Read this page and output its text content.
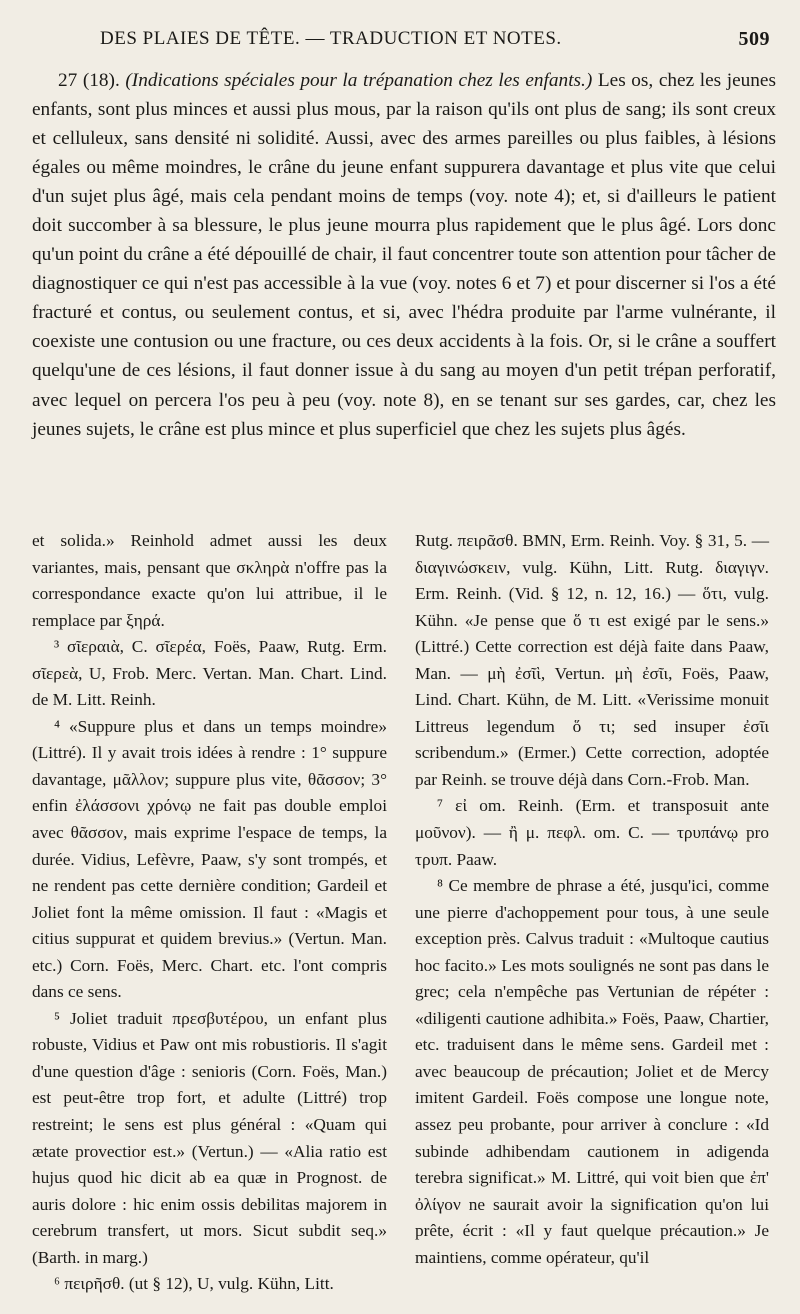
DES PLAIES DE TÊTE. — TRADUCTION ET NOTES.	509
27 (18). (Indications spéciales pour la trépanation chez les enfants.) Les os, chez les jeunes enfants, sont plus minces et aussi plus mous, par la raison qu'ils ont plus de sang; ils sont creux et celluleux, sans densité ni solidité. Aussi, avec des armes pareilles ou plus faibles, à lésions égales ou même moindres, le crâne du jeune enfant suppurera davantage et plus vite que celui d'un sujet plus âgé, mais cela pendant moins de temps (voy. note 4); et, si d'ailleurs le patient doit succomber à sa blessure, le plus jeune mourra plus rapidement que le plus âgé. Lors donc qu'un point du crâne a été dépouillé de chair, il faut concentrer toute son attention pour tâcher de diagnostiquer ce qui n'est pas accessible à la vue (voy. notes 6 et 7) et pour discerner si l'os a été fracturé et contus, ou seulement contus, et si, avec l'hédra produite par l'arme vulnérante, il coexiste une contusion ou une fracture, ou ces deux accidents à la fois. Or, si le crâne a souffert quelqu'une de ces lésions, il faut donner issue à du sang au moyen d'un petit trépan perforatif, avec lequel on percera l'os peu à peu (voy. note 8), en se tenant sur ses gardes, car, chez les jeunes sujets, le crâne est plus mince et plus superficiel que chez les sujets plus âgés.

et solida.» Reinhold admet aussi les deux variantes, mais, pensant que σκληρὰ n'offre pas la correspondance exacte qu'on lui attribue, il le remplace par ξηρά.

³ σῖεραιὰ, C. σῖερέα, Foës, Paaw, Rutg. Erm. σῖερεὰ, U, Frob. Merc. Vertan. Man. Chart. Lind. de M. Litt. Reinh.

⁴ «Suppure plus et dans un temps moindre» (Littré). Il y avait trois idées à rendre : 1° suppure davantage, μᾶλλον; suppure plus vite, θᾶσσον; 3° enfin ἐλάσσονι χρόνῳ ne fait pas double emploi avec θᾶσσον, mais exprime l'espace de temps, la durée. Vidius, Lefèvre, Paaw, s'y sont trompés, et ne rendent pas cette dernière condition; Gardeil et Joliet font la même omission. Il faut : «Magis et citius suppurat et quidem brevius.» (Vertun. Man. etc.) Corn. Foës, Merc. Chart. etc. l'ont compris dans ce sens.

⁵ Joliet traduit πρεσβυτέρου, un enfant plus robuste, Vidius et Paw ont mis robustioris. Il s'agit d'une question d'âge : senioris (Corn. Foës, Man.) est peut-être trop fort, et adulte (Littré) trop restreint; le sens est plus général : «Quam qui ætate provectior est.» (Vertun.) — «Alia ratio est hujus quod hic dicit ab ea quæ in Prognost. de auris dolore : hic enim ossis debilitas majorem in cerebrum transfert, ut mors. Sicut subdit seq.» (Barth. in marg.)

⁶ πειρῆσθ. (ut § 12), U, vulg. Kühn, Litt.

Rutg. πειρᾶσθ. BMN, Erm. Reinh. Voy. § 31, 5. — διαγινώσκειν, vulg. Kühn, Litt. Rutg. διαγιγν. Erm. Reinh. (Vid. § 12, n. 12, 16.) — ὅτι, vulg. Kühn. «Je pense que ὅ τι est exigé par le sens.» (Littré.) Cette correction est déjà faite dans Paaw, Man. — μὴ ἐσῖὶ, Vertun. μὴ ἐσῖι, Foës, Paaw, Lind. Chart. Kühn, de M. Litt. «Verissime monuit Littreus legendum ὅ τι; sed insuper ἐσῖι scribendum.» (Ermer.) Cette correction, adoptée par Reinh. se trouve déjà dans Corn.-Frob. Man.

⁷ εἰ om. Reinh. (Erm. et transposuit ante μοῦνον). — ἢ μ. πεφλ. om. C. — τρυπάνῳ pro τρυπ. Paaw.

⁸ Ce membre de phrase a été, jusqu'ici, comme une pierre d'achoppement pour tous, à une seule exception près. Calvus traduit : «Multoque cautius hoc facito.» Les mots soulignés ne sont pas dans le grec; cela n'empêche pas Vertunian de répéter : «diligenti cautione adhibita.» Foës, Paaw, Chartier, etc. traduisent dans le même sens. Gardeil met : avec beaucoup de précaution; Joliet et de Mercy imitent Gardeil. Foës compose une longue note, assez peu probante, pour arriver à conclure : «Id subinde adhibendam cautionem in adigenda terebra significat.» M. Littré, qui voit bien que ἐπ' ὀλίγον ne saurait avoir la signification qu'on lui prête, écrit : «Il y faut quelque précaution.» Je maintiens, comme opérateur, qu'il
